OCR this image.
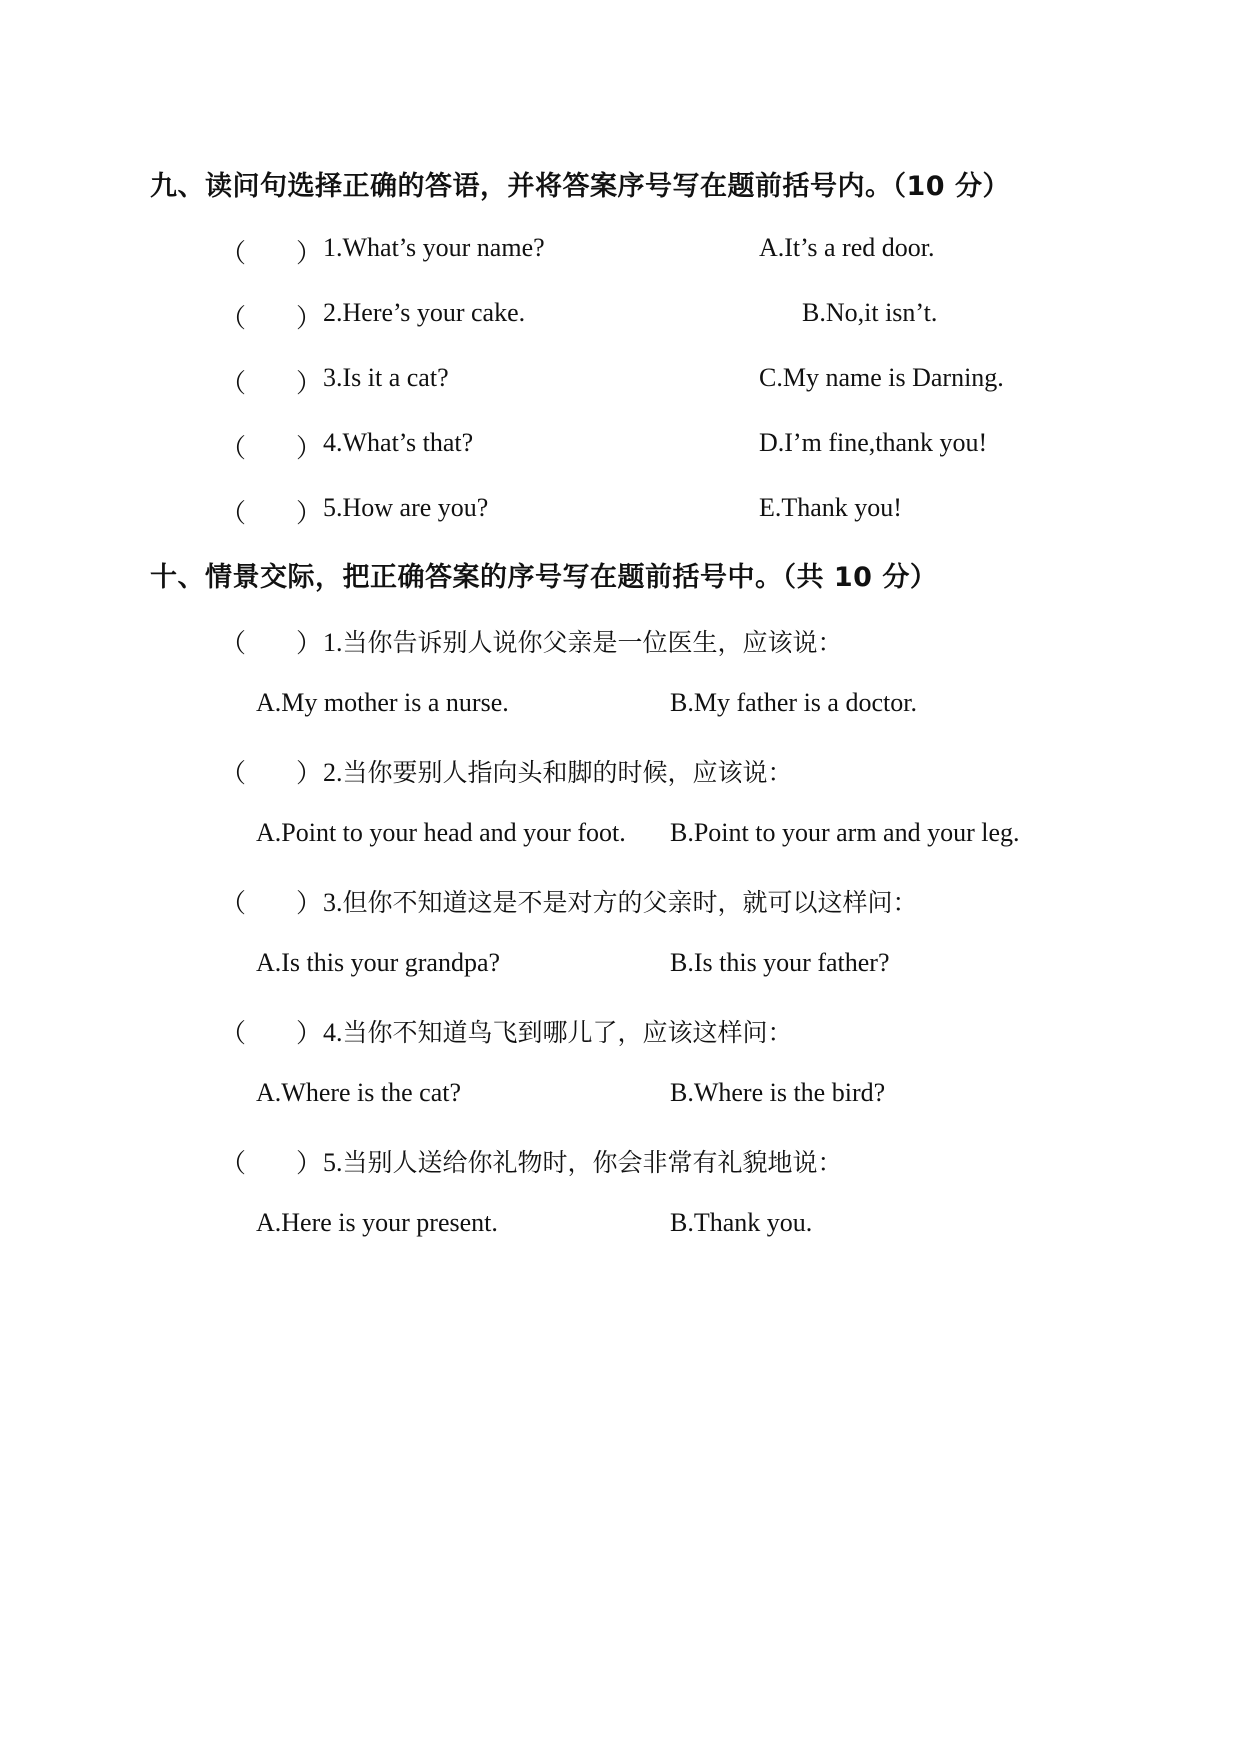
九、读问句选择正确的答语，并将答案序号写在题前括号内。（10 分）
（ ） 1.What’s your name?	A.It’s a red door.
（ ） 2.Here’s your cake.	B.No,it isn’t.
（ ） 3.Is it a cat?	C.My name is Darning.
（ ） 4.What’s that?	D.I’m fine,thank you!
（ ） 5.How are you?	E.Thank you!
十、情景交际，把正确答案的序号写在题前括号中。（共 10 分）
（ ） 1.当你告诉别人说你父亲是一位医生，应该说：
A.My mother is a nurse.	B.My father is a doctor.
（ ） 2.当你要别人指向头和脚的时候，应该说：
A.Point to your head and your foot. B.Point to your arm and your leg.
（ ） 3.但你不知道这是不是对方的父亲时，就可以这样问：
A.Is this your grandpa?	B.Is this your father?
（ ） 4.当你不知道鸟飞到哪儿了，应该这样问：
A.Where is the cat?	B.Where is the bird?
（ ） 5.当别人送给你礼物时，你会非常有礼貌地说：
A.Here is your present.	B.Thank you.
